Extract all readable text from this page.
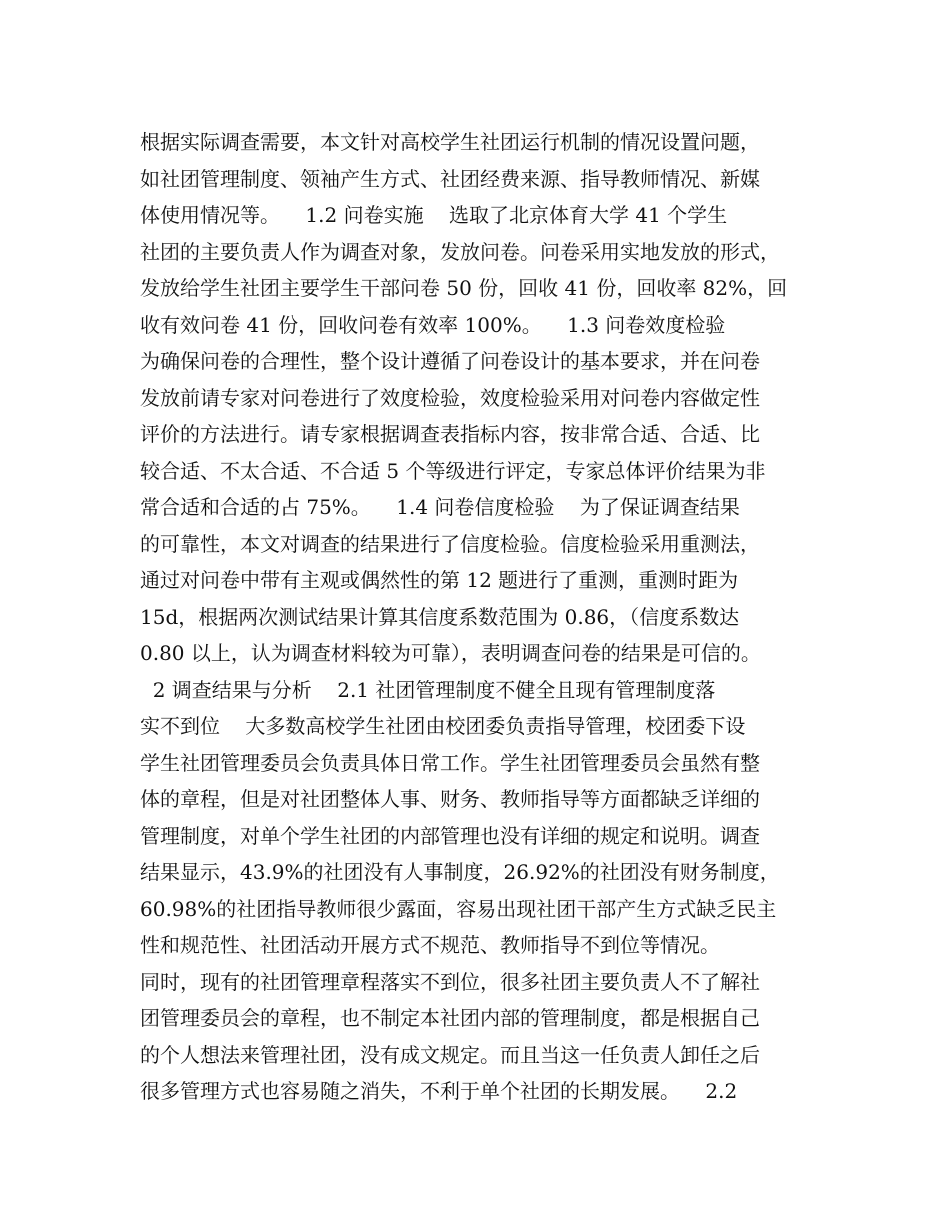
根据实际调查需要，本文针对高校学生社团运行机制的情况设置问题，
如社团管理制度、领袖产生方式、社团经费来源、指导教师情况、新媒
体使用情况等。    1.2 问卷实施    选取了北京体育大学 41 个学生
社团的主要负责人作为调查对象，发放问卷。问卷采用实地发放的形式，
发放给学生社团主要学生干部问卷 50 份，回收 41 份，回收率 82%，回
收有效问卷 41 份，回收问卷有效率 100%。    1.3 问卷效度检验
为确保问卷的合理性，整个设计遵循了问卷设计的基本要求，并在问卷
发放前请专家对问卷进行了效度检验，效度检验采用对问卷内容做定性
评价的方法进行。请专家根据调查表指标内容，按非常合适、合适、比
较合适、不太合适、不合适 5 个等级进行评定，专家总体评价结果为非
常合适和合适的占 75%。    1.4 问卷信度检验    为了保证调查结果
的可靠性，本文对调查的结果进行了信度检验。信度检验采用重测法，
通过对问卷中带有主观或偶然性的第 12 题进行了重测，重测时距为
15d，根据两次测试结果计算其信度系数范围为 0.86，（信度系数达
0.80 以上，认为调查材料较为可靠），表明调查问卷的结果是可信的。
2 调查结果与分析    2.1 社团管理制度不健全且现有管理制度落
实不到位    大多数高校学生社团由校团委负责指导管理，校团委下设
学生社团管理委员会负责具体日常工作。学生社团管理委员会虽然有整
体的章程，但是对社团整体人事、财务、教师指导等方面都缺乏详细的
管理制度，对单个学生社团的内部管理也没有详细的规定和说明。调查
结果显示，43.9%的社团没有人事制度，26.92%的社团没有财务制度，
60.98%的社团指导教师很少露面，容易出现社团干部产生方式缺乏民主
性和规范性、社团活动开展方式不规范、教师指导不到位等情况。
同时，现有的社团管理章程落实不到位，很多社团主要负责人不了解社
团管理委员会的章程，也不制定本社团内部的管理制度，都是根据自己
的个人想法来管理社团，没有成文规定。而且当这一任负责人卸任之后
很多管理方式也容易随之消失，不利于单个社团的长期发展。    2.2
